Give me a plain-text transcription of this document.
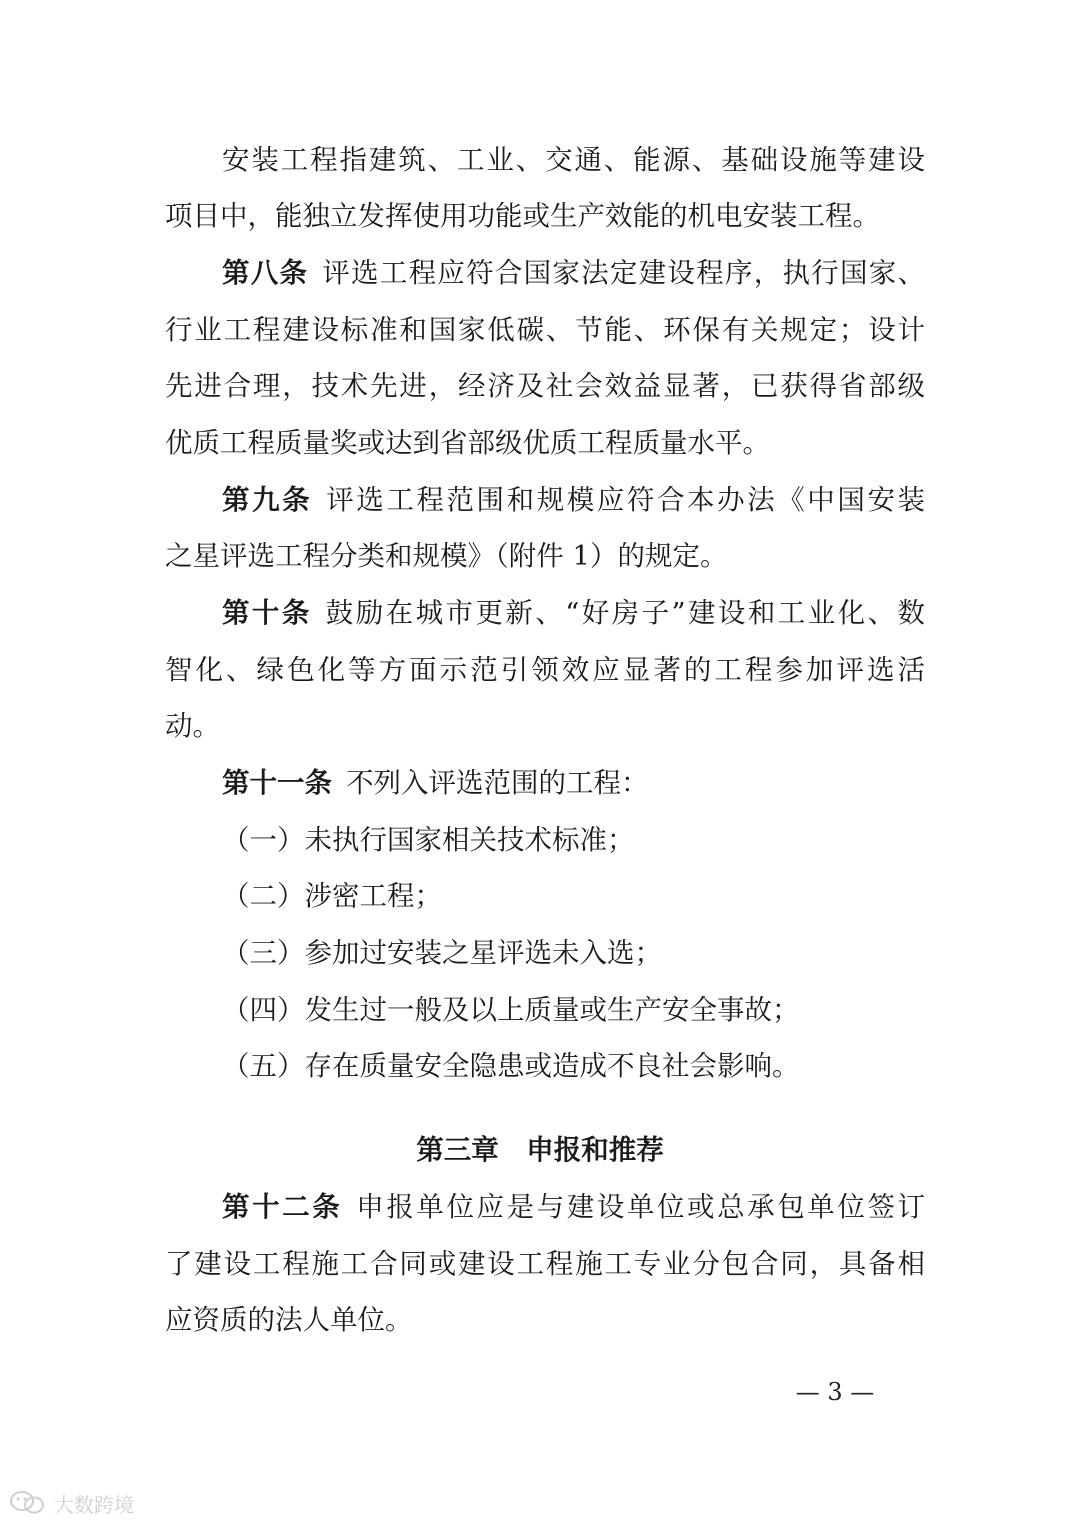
安装工程指建筑、工业、交通、能源、基础设施等建设
项目中，能独立发挥使用功能或生产效能的机电安装工程。
第八条 评选工程应符合国家法定建设程序，执行国家、
行业工程建设标准和国家低碳、节能、环保有关规定；设计
先进合理，技术先进，经济及社会效益显著，已获得省部级
优质工程质量奖或达到省部级优质工程质量水平。
第九条 评选工程范围和规模应符合本办法《中国安装
之星评选工程分类和规模》（附件 1）的规定。
第十条 鼓励在城市更新、“好房子”建设和工业化、数
智化、绿色化等方面示范引领效应显著的工程参加评选活
动。
第十一条 不列入评选范围的工程：
（一）未执行国家相关技术标准；
（二）涉密工程；
（三）参加过安装之星评选未入选；
（四）发生过一般及以上质量或生产安全事故；
（五）存在质量安全隐患或造成不良社会影响。
第三章　申报和推荐
第十二条 申报单位应是与建设单位或总承包单位签订
了建设工程施工合同或建设工程施工专业分包合同，具备相
应资质的法人单位。
— 3 —
大数跨境
